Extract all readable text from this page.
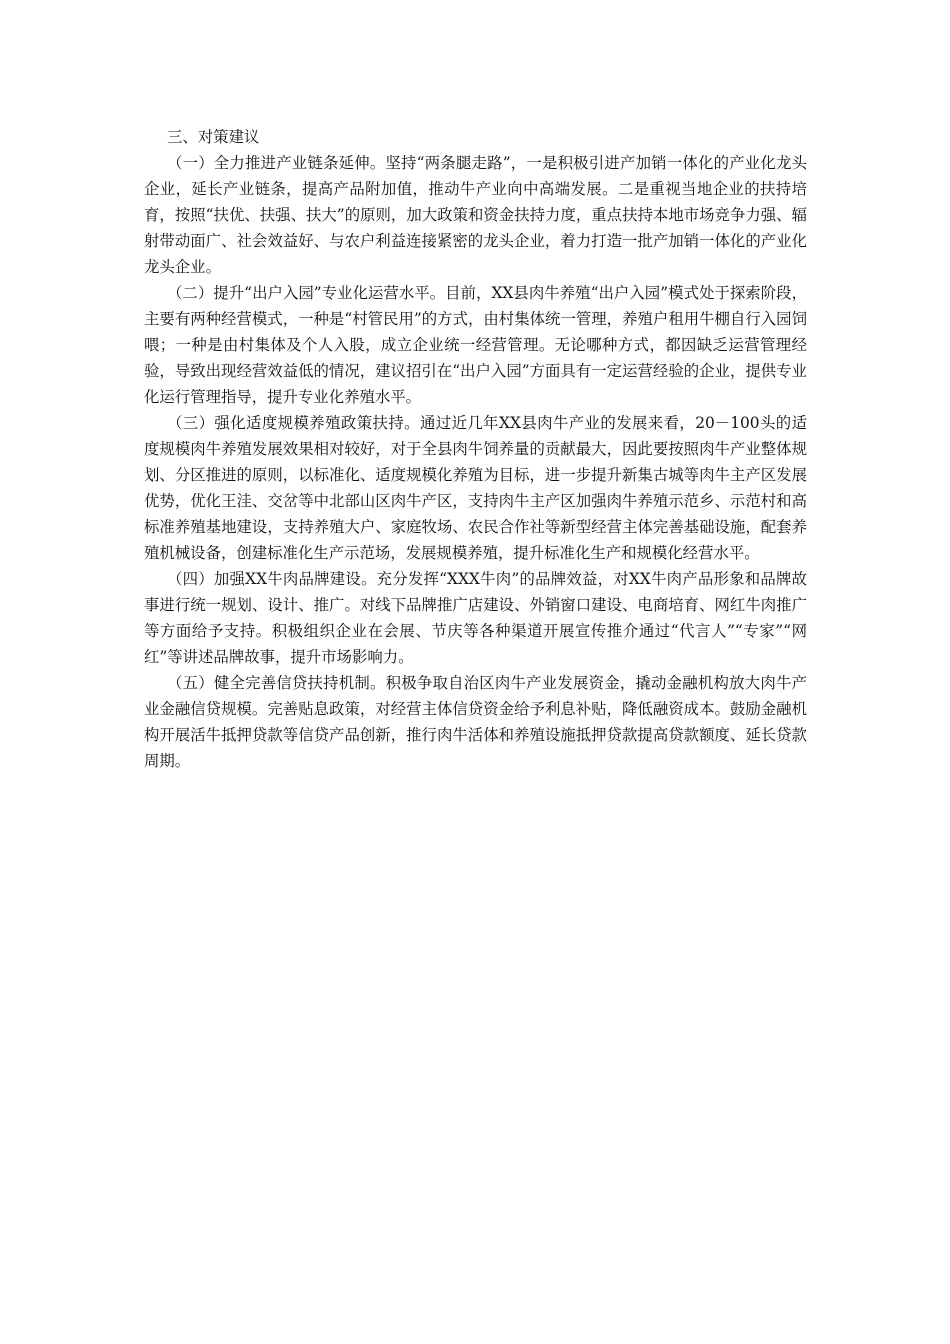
三、对策建议

（一）全力推进产业链条延伸。坚持“两条腿走路”，一是积极引进产加销一体化的产业化龙头企业，延长产业链条，提高产品附加值，推动牛产业向中高端发展。二是重视当地企业的扶持培育，按照“扶优、扶强、扶大”的原则，加大政策和资金扶持力度，重点扶持本地市场竞争力强、辐射带动面广、社会效益好、与农户利益连接紧密的龙头企业，着力打造一批产加销一体化的产业化龙头企业。

（二）提升“出户入园”专业化运营水平。目前，XX县肉牛养殖“出户入园”模式处于探索阶段，主要有两种经营模式，一种是“村管民用”的方式，由村集体统一管理，养殖户租用牛棚自行入园饲喂；一种是由村集体及个人入股，成立企业统一经营管理。无论哪种方式，都因缺乏运营管理经验，导致出现经营效益低的情况，建议招引在“出户入园”方面具有一定运营经验的企业，提供专业化运行管理指导，提升专业化养殖水平。

（三）强化适度规模养殖政策扶持。通过近几年XX县肉牛产业的发展来看，20－100头的适度规模肉牛养殖发展效果相对较好，对于全县肉牛饲养量的贡献最大，因此要按照肉牛产业整体规划、分区推进的原则，以标准化、适度规模化养殖为目标，进一步提升新集古城等肉牛主产区发展优势，优化王洼、交岔等中北部山区肉牛产区，支持肉牛主产区加强肉牛养殖示范乡、示范村和高标准养殖基地建设，支持养殖大户、家庭牧场、农民合作社等新型经营主体完善基础设施，配套养殖机械设备，创建标准化生产示范场，发展规模养殖，提升标准化生产和规模化经营水平。

（四）加强XX牛肉品牌建设。充分发挥“XXX牛肉”的品牌效益，对XX牛肉产品形象和品牌故事进行统一规划、设计、推广。对线下品牌推广店建设、外销窗口建设、电商培育、网红牛肉推广等方面给予支持。积极组织企业在会展、节庆等各种渠道开展宣传推介通过“代言人”“专家”“网红”等讲述品牌故事，提升市场影响力。

（五）健全完善信贷扶持机制。积极争取自治区肉牛产业发展资金，撬动金融机构放大肉牛产业金融信贷规模。完善贴息政策，对经营主体信贷资金给予利息补贴，降低融资成本。鼓励金融机构开展活牛抵押贷款等信贷产品创新，推行肉牛活体和养殖设施抵押贷款提高贷款额度、延长贷款周期。
